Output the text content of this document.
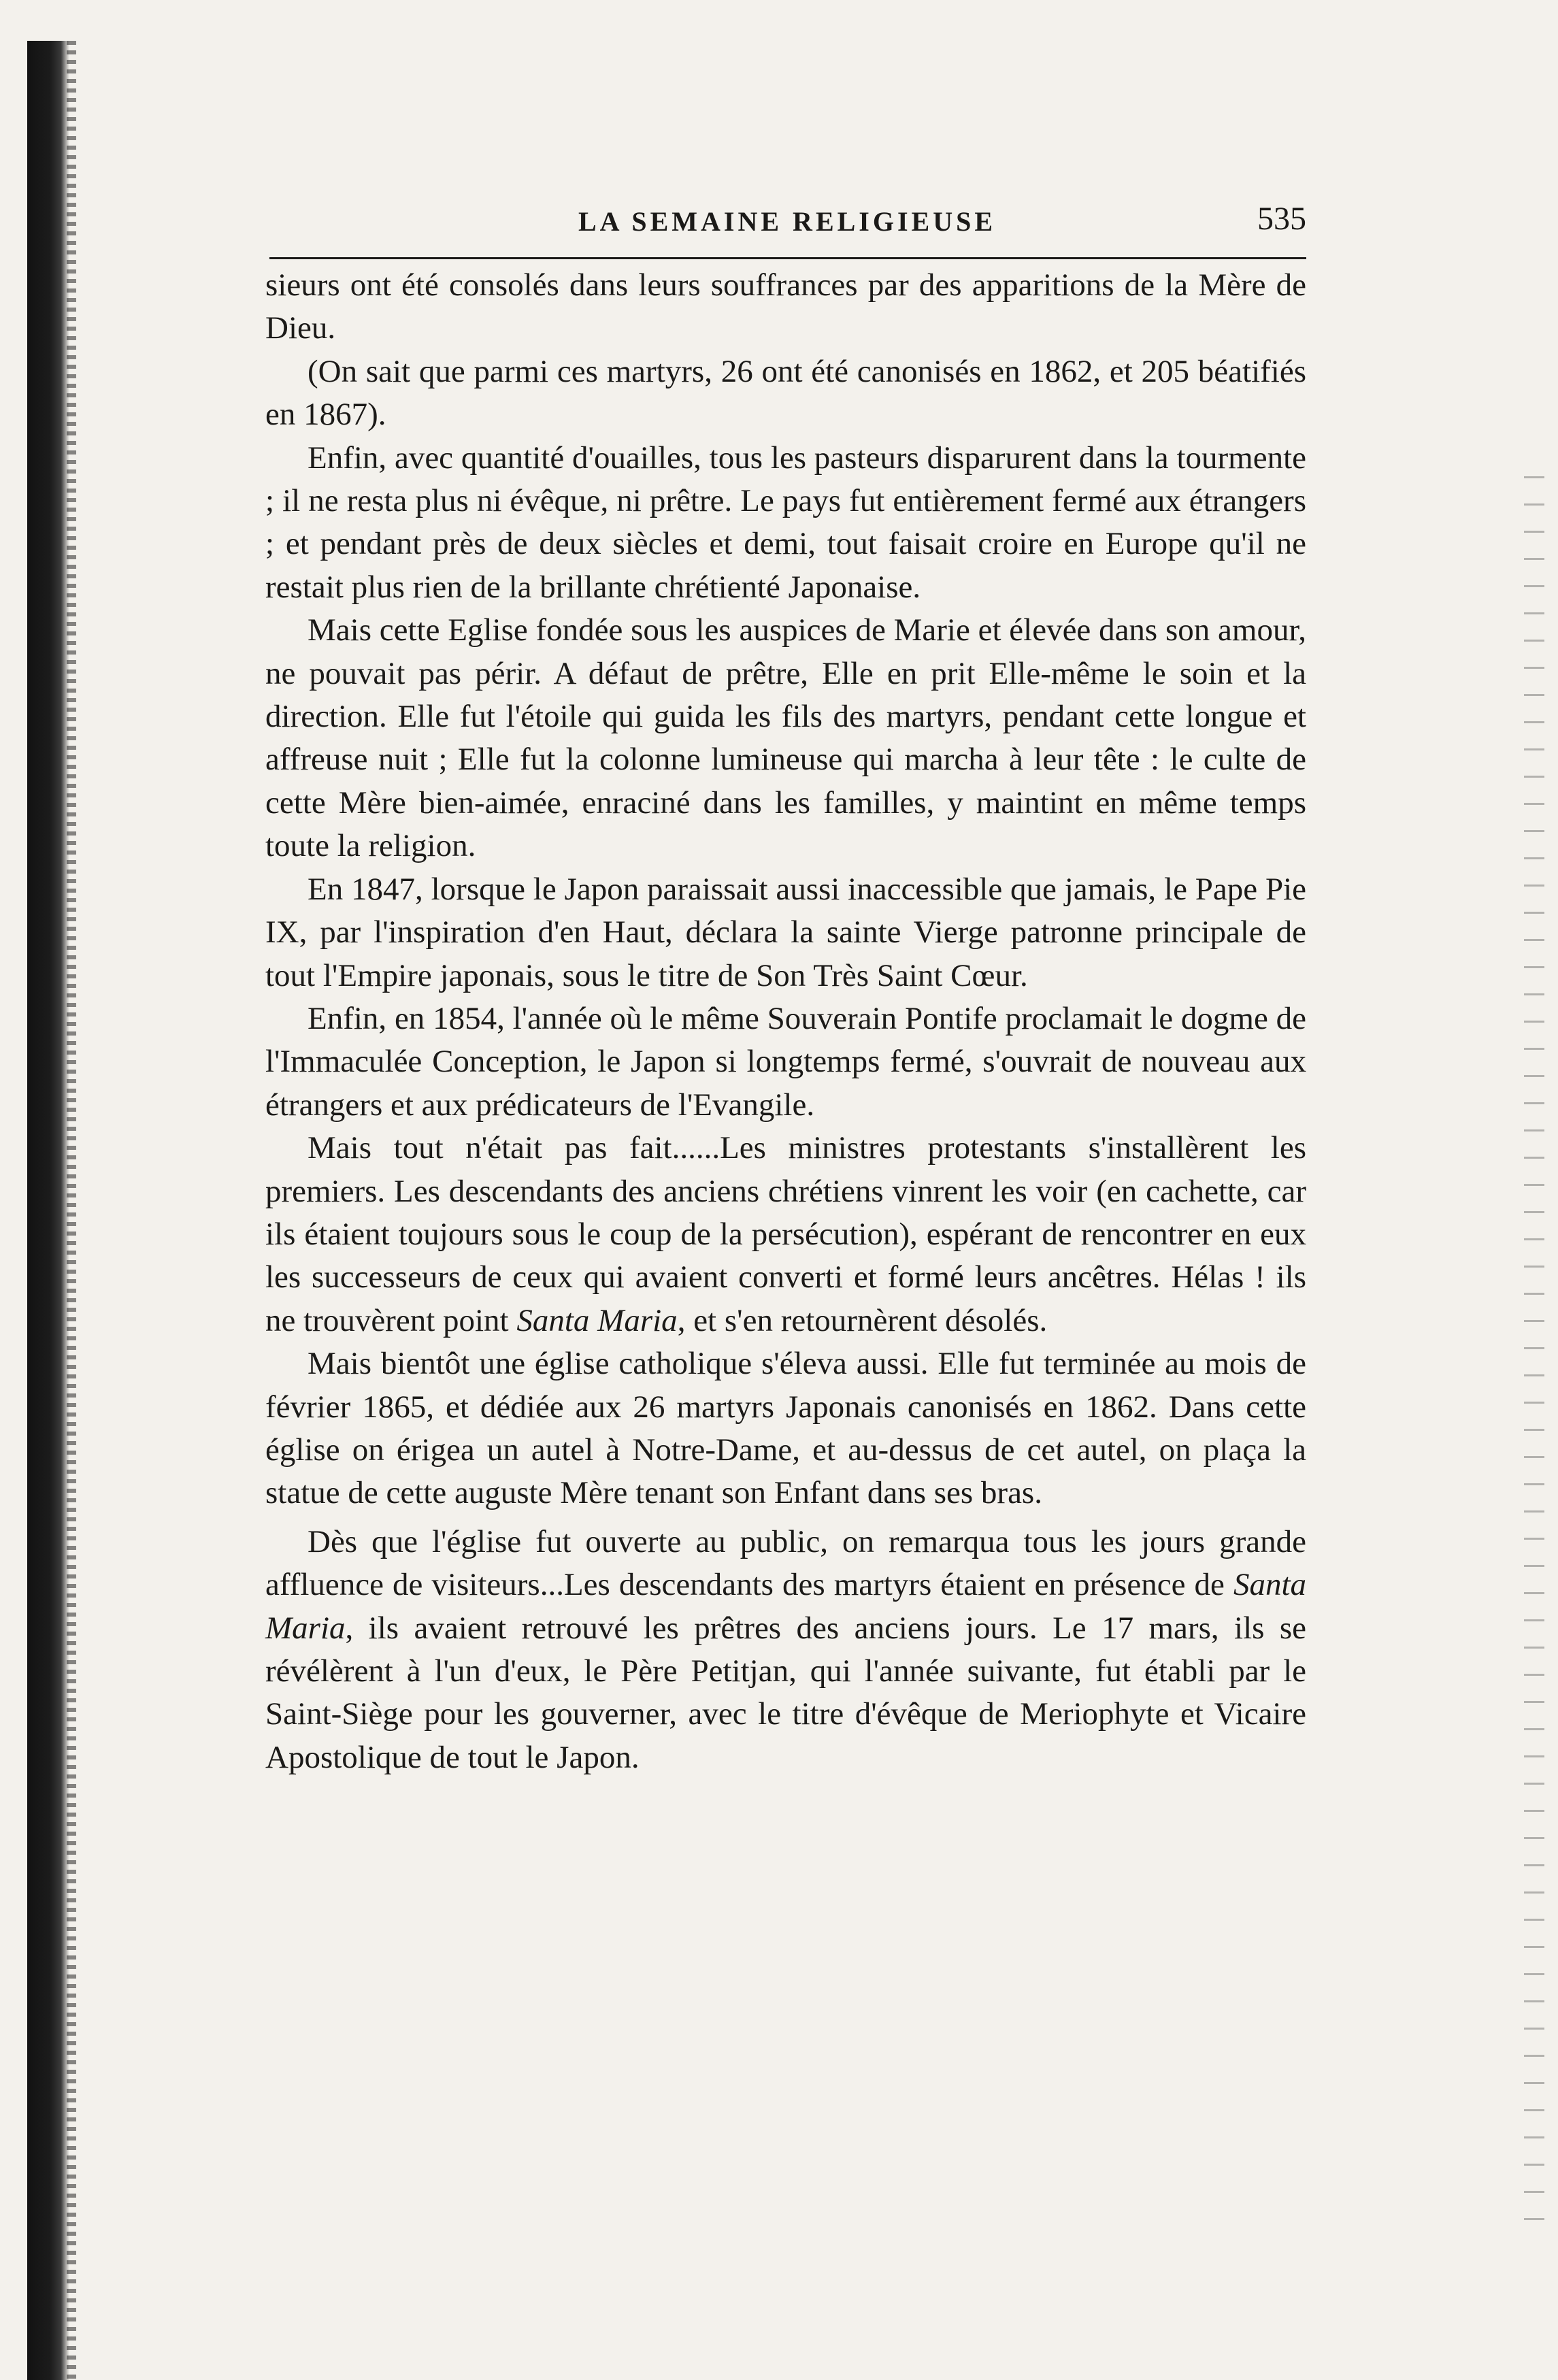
LA SEMAINE RELIGIEUSE	535

sieurs ont été consolés dans leurs souffrances par des apparitions de la Mère de Dieu.

(On sait que parmi ces martyrs, 26 ont été canonisés en 1862, et 205 béatifiés en 1867).

Enfin, avec quantité d'ouailles, tous les pasteurs disparurent dans la tourmente ; il ne resta plus ni évêque, ni prêtre. Le pays fut entièrement fermé aux étrangers ; et pendant près de deux siècles et demi, tout faisait croire en Europe qu'il ne restait plus rien de la brillante chrétienté Japonaise.

Mais cette Eglise fondée sous les auspices de Marie et élevée dans son amour, ne pouvait pas périr. A défaut de prêtre, Elle en prit Elle-même le soin et la direction. Elle fut l'étoile qui guida les fils des martyrs, pendant cette longue et affreuse nuit ; Elle fut la colonne lumineuse qui marcha à leur tête : le culte de cette Mère bien-aimée, enraciné dans les familles, y maintint en même temps toute la religion.

En 1847, lorsque le Japon paraissait aussi inaccessible que jamais, le Pape Pie IX, par l'inspiration d'en Haut, déclara la sainte Vierge patronne principale de tout l'Empire japonais, sous le titre de Son Très Saint Cœur.

Enfin, en 1854, l'année où le même Souverain Pontife proclamait le dogme de l'Immaculée Conception, le Japon si longtemps fermé, s'ouvrait de nouveau aux étrangers et aux prédicateurs de l'Evangile.

Mais tout n'était pas fait......Les ministres protestants s'installèrent les premiers. Les descendants des anciens chrétiens vinrent les voir (en cachette, car ils étaient toujours sous le coup de la persécution), espérant de rencontrer en eux les successeurs de ceux qui avaient converti et formé leurs ancêtres. Hélas ! ils ne trouvèrent point Santa Maria, et s'en retournèrent désolés.

Mais bientôt une église catholique s'éleva aussi. Elle fut terminée au mois de février 1865, et dédiée aux 26 martyrs Japonais canonisés en 1862. Dans cette église on érigea un autel à Notre-Dame, et au-dessus de cet autel, on plaça la statue de cette auguste Mère tenant son Enfant dans ses bras.

Dès que l'église fut ouverte au public, on remarqua tous les jours grande affluence de visiteurs...Les descendants des martyrs étaient en présence de Santa Maria, ils avaient retrouvé les prêtres des anciens jours. Le 17 mars, ils se révélèrent à l'un d'eux, le Père Petitjan, qui l'année suivante, fut établi par le Saint-Siège pour les gouverner, avec le titre d'évêque de Meriophyte et Vicaire Apostolique de tout le Japon.
